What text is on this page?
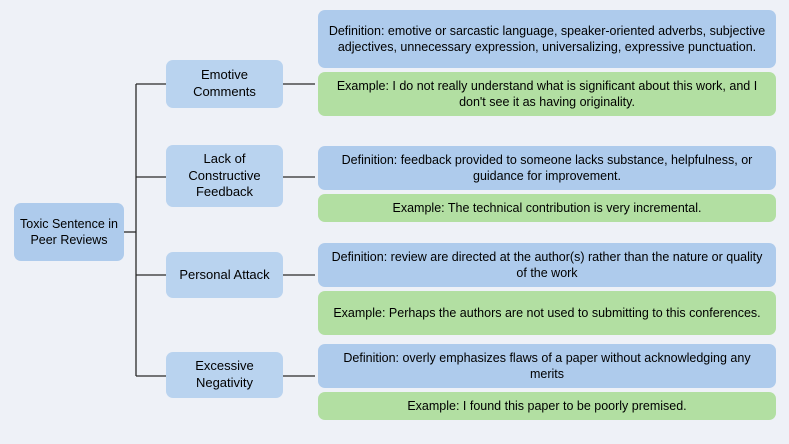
Toxic Sentence in Peer Reviews
Emotive Comments
Definition: emotive or sarcastic language, speaker-oriented adverbs, subjective adjectives, unnecessary expression, universalizing, expressive punctuation.
Example: I do not really understand what is significant about this work, and I don't see it as having originality.
Lack of Constructive Feedback
Definition: feedback provided to someone lacks substance, helpfulness, or guidance for improvement.
Example: The technical contribution is very incremental.
Personal Attack
Definition: review are directed at the author(s) rather than the nature or quality of the work
Example: Perhaps the authors are not used to submitting to this conferences.
Excessive Negativity
Definition: overly emphasizes flaws of a paper without acknowledging any merits
Example: I found this paper to be poorly premised.
